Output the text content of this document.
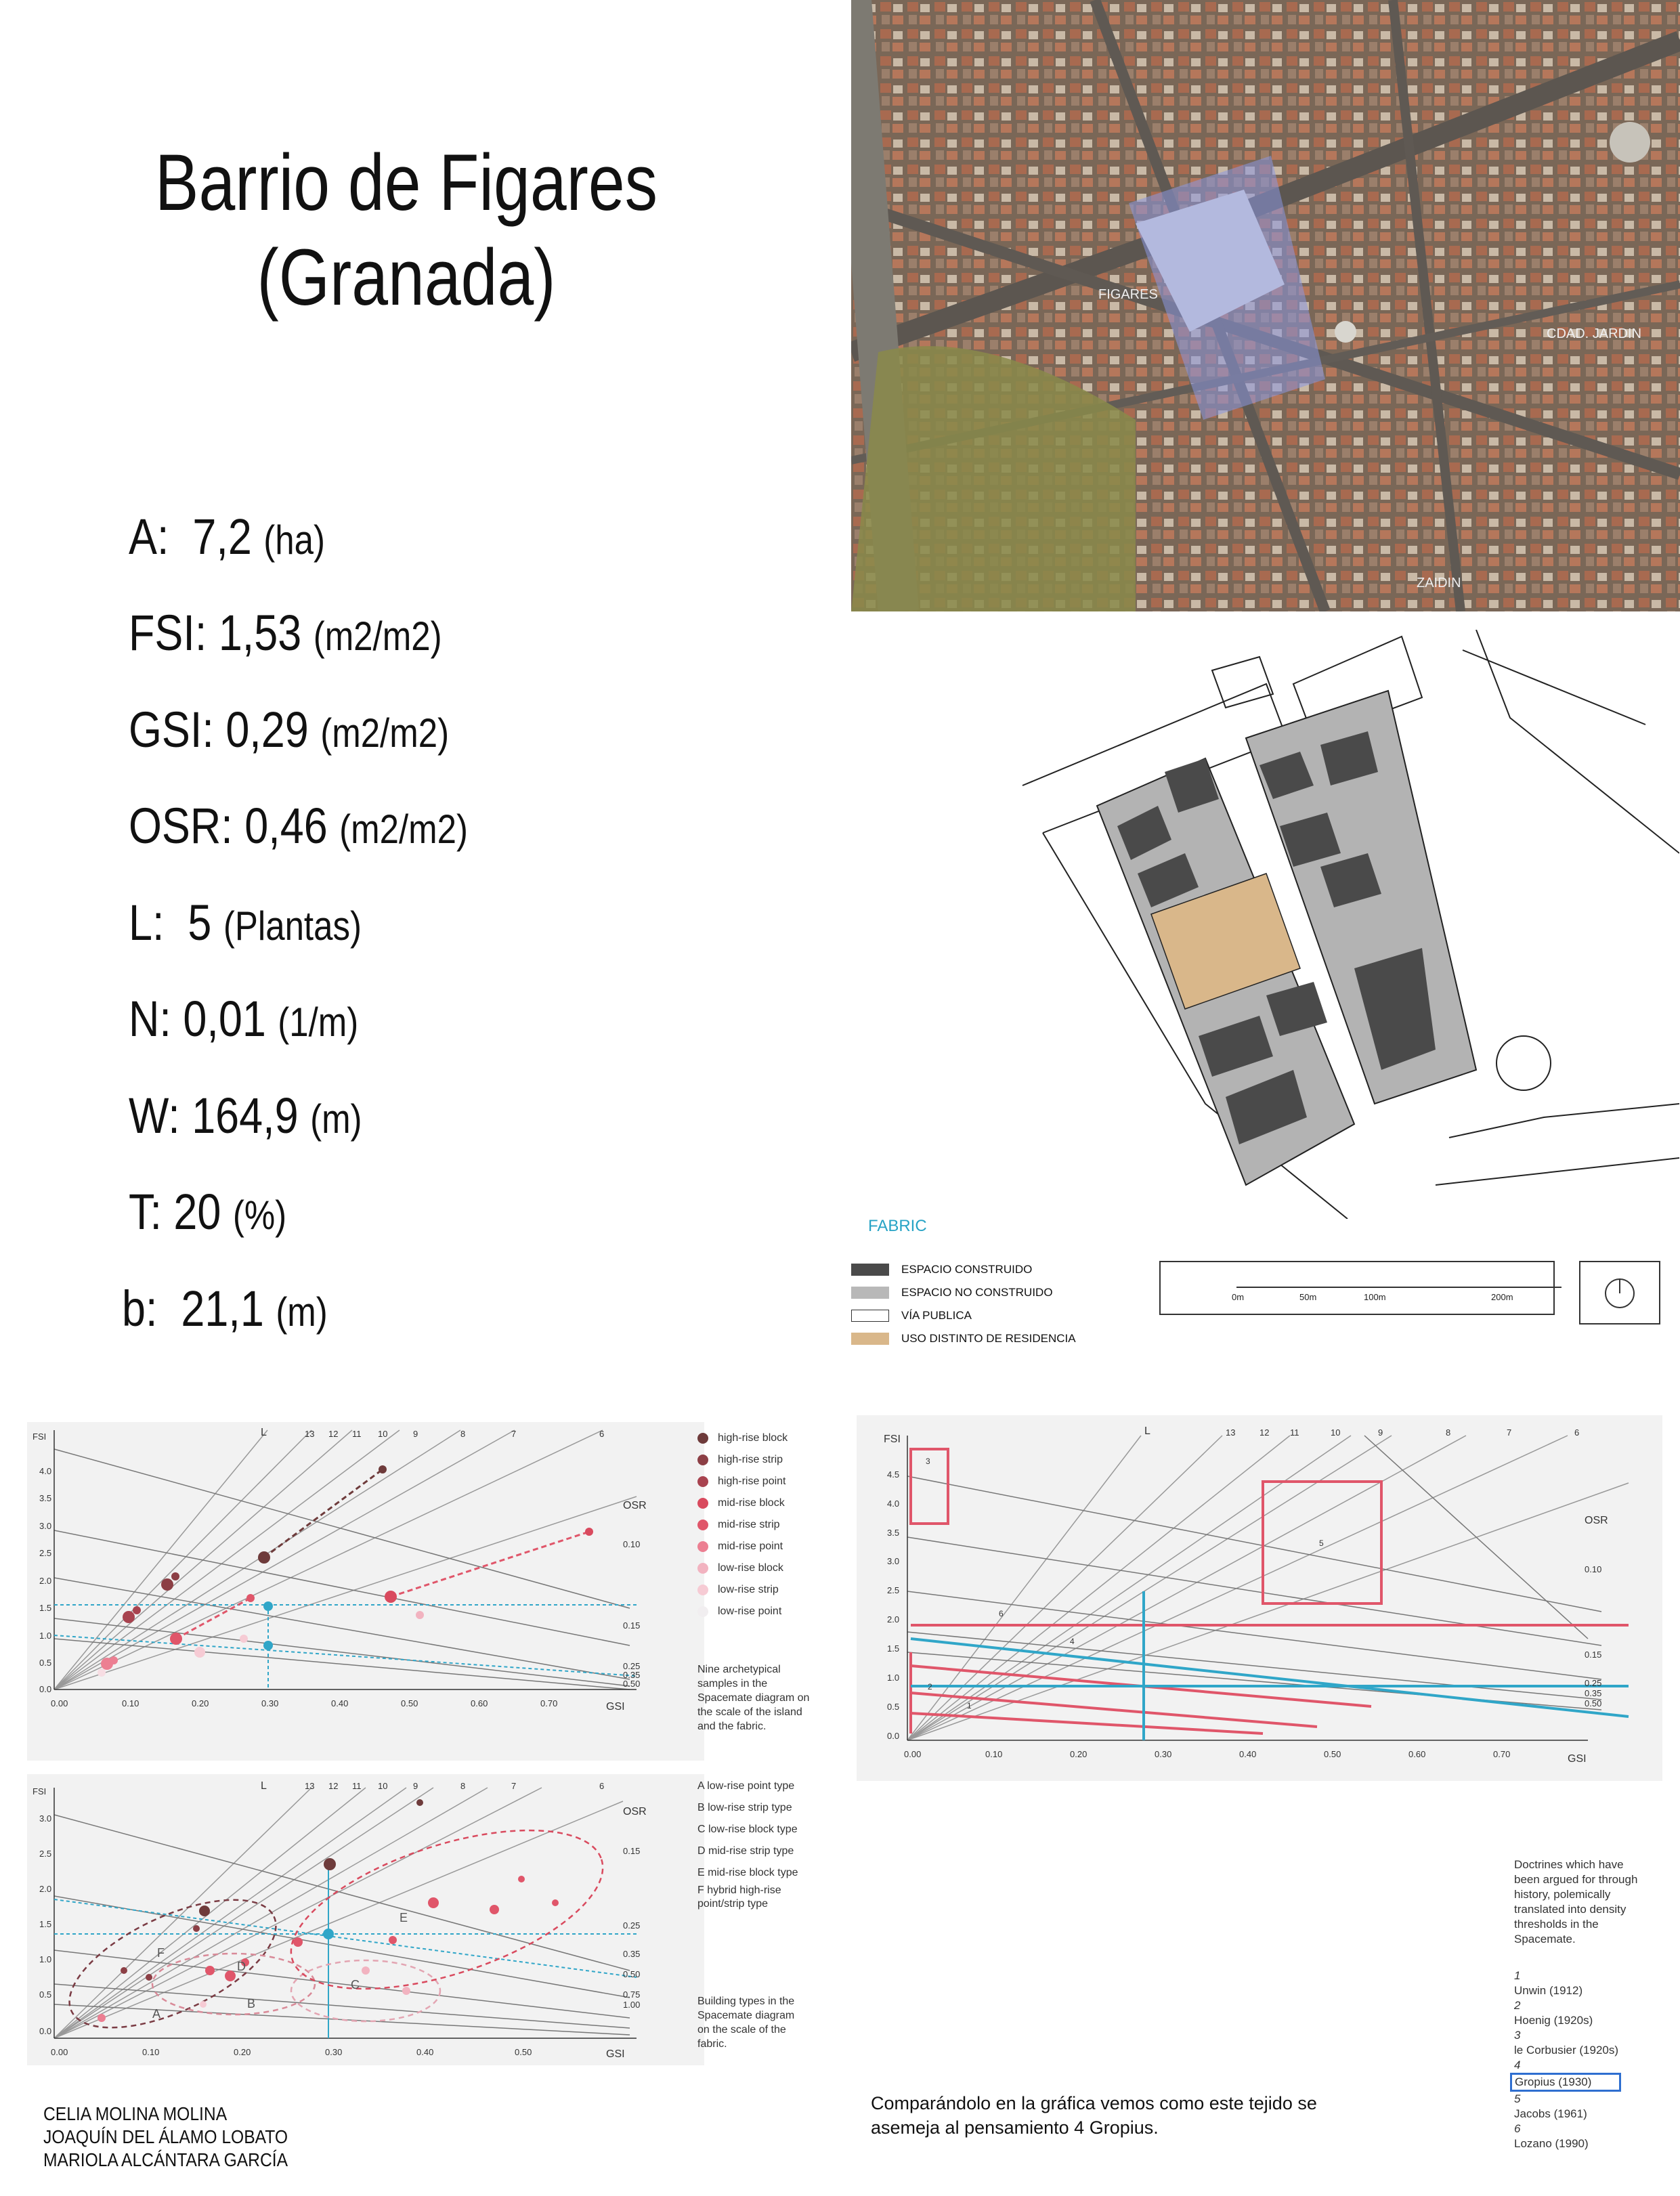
Barrio de Figares
(Granada)
A: 7,2 (ha)
FSI: 1,53 (m2/m2)
GSI: 0,29 (m2/m2)
OSR: 0,46 (m2/m2)
L: 5 (Plantas)
N: 0,01 (1/m)
W: 164,9 (m)
T: 20 (%)
b: 21,1 (m)
FIGARES
CDAD. JARDIN
ZAIDIN
FABRIC
ESPACIO CONSTRUIDO
ESPACIO NO CONSTRUIDO
VÍA PUBLICA
USO DISTINTO DE RESIDENCIA
0m	50m	100m	200m
FSI
4.0
3.5
3.0
2.5
2.0
1.5
1.0
0.5
0.0
0.00	0.10	0.20	0.30	0.40	0.50	0.60	0.70	GSI
L	13 12 11 10	9	8	7	6
OSR
0.10
0.15
0.25
0.35
0.50
high-rise block
high-rise strip
high-rise point
mid-rise block
mid-rise strip
mid-rise point
low-rise block
low-rise strip
low-rise point
Nine archetypical samples in the Spacemate diagram on the scale of the island and the fabric.
FSI
3.0
2.5
2.0
1.5
1.0
0.5
0.0
0.00	0.10	0.20	0.30	0.40	0.50	GSI
L	13 12 11 10	9	8	7	6
OSR
0.15
0.25
0.35
0.50
0.75
1.00
A
B
C
D
E
F
A low-rise point type
B low-rise strip type
C low-rise block type
D mid-rise strip type
E mid-rise block type
F hybrid high-rise point/strip type
Building types in the Spacemate diagram on the scale of the fabric.
FSI
4.5
4.0
3.5
3.0
2.5
2.0
1.5
1.0
0.5
0.0
0.00	0.10	0.20	0.30	0.40	0.50	0.60	0.70	GSI
L	13	12 11	10	9	8	7	6
OSR
0.10
0.15
0.25
0.35
0.50
1
2
3
4
5
6
Doctrines which have been argued for through history, polemically translated into density thresholds in the Spacemate.
1
Unwin (1912)
2
Hoenig (1920s)
3
le Corbusier (1920s)
4
Gropius (1930)
5
Jacobs (1961)
6
Lozano (1990)
CELIA MOLINA MOLINA
JOAQUÍN DEL ÁLAMO LOBATO
MARIOLA ALCÁNTARA GARCÍA
Comparándolo en la gráfica vemos como este tejido se asemeja al pensamiento 4 Gropius.
